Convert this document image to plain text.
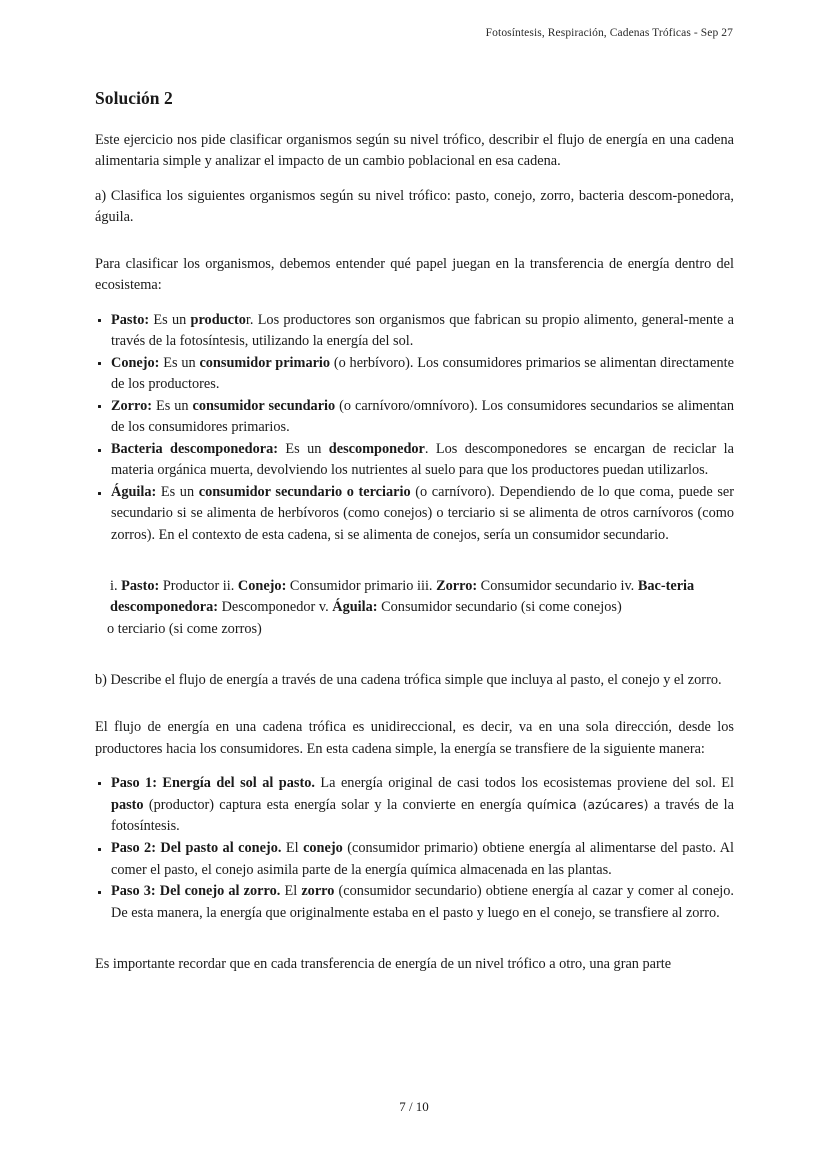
Fotosíntesis, Respiración, Cadenas Tróficas - Sep 27
Solución 2

Este ejercicio nos pide clasificar organismos según su nivel trófico, describir el flujo de energía en una cadena alimentaria simple y analizar el impacto de un cambio poblacional en esa cadena.

a) Clasifica los siguientes organismos según su nivel trófico: pasto, conejo, zorro, bacteria descom-ponedora, águila.

Para clasificar los organismos, debemos entender qué papel juegan en la transferencia de energía dentro del ecosistema:

Pasto: Es un productor. Los productores son organismos que fabrican su propio alimento, general-mente a través de la fotosíntesis, utilizando la energía del sol.
Conejo: Es un consumidor primario (o herbívoro). Los consumidores primarios se alimentan directamente de los productores.
Zorro: Es un consumidor secundario (o carnívoro/omnívoro). Los consumidores secundarios se alimentan de los consumidores primarios.
Bacteria descomponedora: Es un descomponedor. Los descomponedores se encargan de reciclar la materia orgánica muerta, devolviendo los nutrientes al suelo para que los productores puedan utilizarlos.
Águila: Es un consumidor secundario o terciario (o carnívoro). Dependiendo de lo que coma, puede ser secundario si se alimenta de herbívoros (como conejos) o terciario si se alimenta de otros carnívoros (como zorros). En el contexto de esta cadena, si se alimenta de conejos, sería un consumidor secundario.
i. Pasto: Productor ii. Conejo: Consumidor primario iii. Zorro: Consumidor secundario iv. Bac-teria descomponedora: Descomponedor v. Águila: Consumidor secundario (si come conejos)
o terciario (si come zorros)

b) Describe el flujo de energía a través de una cadena trófica simple que incluya al pasto, el conejo y el zorro.

El flujo de energía en una cadena trófica es unidireccional, es decir, va en una sola dirección, desde los productores hacia los consumidores. En esta cadena simple, la energía se transfiere de la siguiente manera:

Paso 1: Energía del sol al pasto. La energía original de casi todos los ecosistemas proviene del sol. El pasto (productor) captura esta energía solar y la convierte en energía química (azúcares) a través de la fotosíntesis.
Paso 2: Del pasto al conejo. El conejo (consumidor primario) obtiene energía al alimentarse del pasto. Al comer el pasto, el conejo asimila parte de la energía química almacenada en las plantas.
Paso 3: Del conejo al zorro. El zorro (consumidor secundario) obtiene energía al cazar y comer al conejo. De esta manera, la energía que originalmente estaba en el pasto y luego en el conejo, se transfiere al zorro.

Es importante recordar que en cada transferencia de energía de un nivel trófico a otro, una gran parte

7 / 10
